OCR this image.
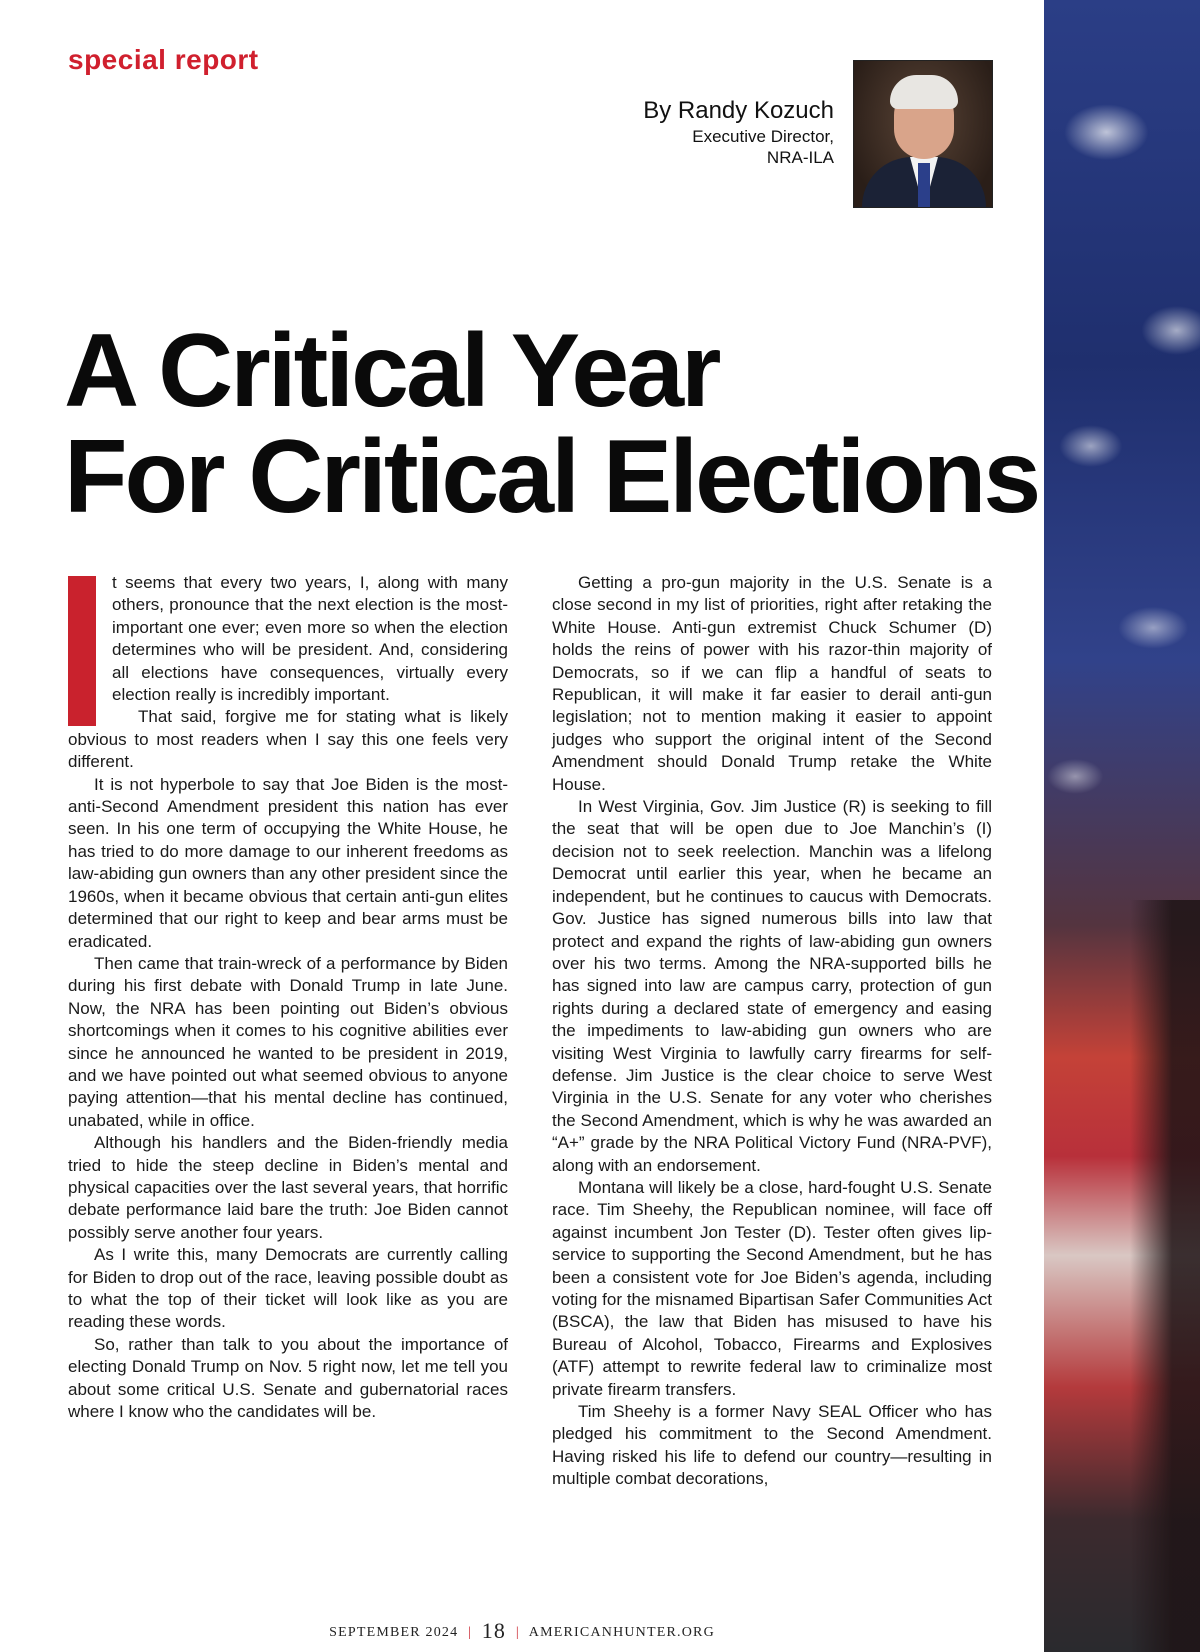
special report
By Randy Kozuch
Executive Director,
NRA-ILA
A Critical Year
For Critical Elections

t seems that every two years, I, along with many others, pronounce that the next election is the most-important one ever; even more so when the election determines who will be president. And, considering all elections have consequences, virtually every election really is incredibly important.

That said, forgive me for stating what is likely obvious to most readers when I say this one feels very different.

It is not hyperbole to say that Joe Biden is the most-anti-Second Amendment president this nation has ever seen. In his one term of occupying the White House, he has tried to do more damage to our inherent freedoms as law-abiding gun owners than any other president since the 1960s, when it became obvious that certain anti-gun elites determined that our right to keep and bear arms must be eradicated.

Then came that train-wreck of a performance by Biden during his first debate with Donald Trump in late June. Now, the NRA has been pointing out Biden’s obvious shortcomings when it comes to his cognitive abilities ever since he announced he wanted to be president in 2019, and we have pointed out what seemed obvious to anyone paying attention—that his mental decline has continued, unabated, while in office.

Although his handlers and the Biden-friendly media tried to hide the steep decline in Biden’s mental and physical capacities over the last several years, that horrific debate performance laid bare the truth: Joe Biden cannot possibly serve another four years.

As I write this, many Democrats are currently calling for Biden to drop out of the race, leaving possible doubt as to what the top of their ticket will look like as you are reading these words.

So, rather than talk to you about the importance of electing Donald Trump on Nov. 5 right now, let me tell you about some critical U.S. Senate and gubernatorial races where I know who the candidates will be.

Getting a pro-gun majority in the U.S. Senate is a close second in my list of priorities, right after retaking the White House. Anti-gun extremist Chuck Schumer (D) holds the reins of power with his razor-thin majority of Democrats, so if we can flip a handful of seats to Republican, it will make it far easier to derail anti-gun legislation; not to mention making it easier to appoint judges who support the original intent of the Second Amendment should Donald Trump retake the White House.

In West Virginia, Gov. Jim Justice (R) is seeking to fill the seat that will be open due to Joe Manchin’s (I) decision not to seek reelection. Manchin was a lifelong Democrat until earlier this year, when he became an independent, but he continues to caucus with Democrats. Gov. Justice has signed numerous bills into law that protect and expand the rights of law-abiding gun owners over his two terms. Among the NRA-supported bills he has signed into law are campus carry, protection of gun rights during a declared state of emergency and easing the impediments to law-abiding gun owners who are visiting West Virginia to lawfully carry firearms for self-defense. Jim Justice is the clear choice to serve West Virginia in the U.S. Senate for any voter who cherishes the Second Amendment, which is why he was awarded an “A+” grade by the NRA Political Victory Fund (NRA-PVF), along with an endorsement.

Montana will likely be a close, hard-fought U.S. Senate race. Tim Sheehy, the Republican nominee, will face off against incumbent Jon Tester (D). Tester often gives lip-service to supporting the Second Amendment, but he has been a consistent vote for Joe Biden’s agenda, including voting for the misnamed Bipartisan Safer Communities Act (BSCA), the law that Biden has misused to have his Bureau of Alcohol, Tobacco, Firearms and Explosives (ATF) attempt to rewrite federal law to criminalize most private firearm transfers.

Tim Sheehy is a former Navy SEAL Officer who has pledged his commitment to the Second Amendment. Having risked his life to defend our country—resulting in multiple combat decorations,

SEPTEMBER 2024 | 18 | AMERICANHUNTER.ORG
